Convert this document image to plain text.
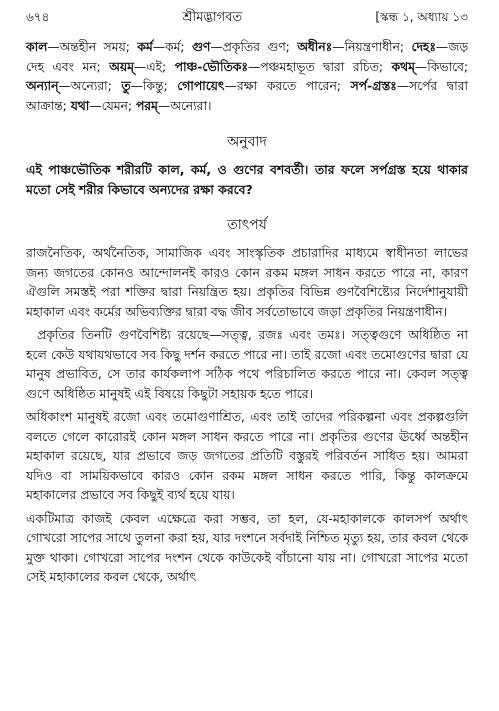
৬৭৪	শ্রীমদ্ভাগবত	[স্কন্ধ ১, অধ্যায় ১৩
কাল—অন্তহীন সময়; কর্ম—কর্ম; গুণ—প্রকৃতির গুণ; অধীনঃ—নিয়ন্ত্রণাধীন; দেহঃ—জড় দেহ এবং মন; অয়ম্—এই; পাঞ্চ-ভৌতিকঃ—পঞ্চমহাভূত দ্বারা রচিত; কথম্—কিভাবে; অন্যান্—অন্যেরা; তু—কিন্তু; গোপায়েৎ—রক্ষা করতে পারেন; সর্প-গ্রস্তঃ—সর্পের দ্বারা আক্রান্ত; যথা—যেমন; পরম্—অন্যেরা।
অনুবাদ
এই পাঞ্চভৌতিক শরীরটি কাল, কর্ম, ও গুণের বশবর্তী। তার ফলে সর্পগ্রস্ত হয়ে থাকার মতো সেই শরীর কিভাবে অন্যদের রক্ষা করবে?
তাৎপর্য

রাজনৈতিক, অর্থনৈতিক, সামাজিক এবং সাংস্কৃতিক প্রচারাদির মাধ্যমে স্বাধীনতা লাভের জন্য জগতের কোনও আন্দোলনই কারও কোন রকম মঙ্গল সাধন করতে পারে না, কারণ ঐগুলি সমস্তই পরা শক্তির দ্বারা নিয়ন্ত্রিত হয়। প্রকৃতির বিভিন্ন গুণবৈশিষ্ট্যের নির্দেশানুযায়ী মহাকাল এবং কর্মের অভিব্যক্তির দ্বারা বদ্ধ জীব সর্বতোভাবে জড়া প্রকৃতির নিয়ন্ত্রণাধীন।

প্রকৃতির তিনটি গুণবৈশিষ্ট্য রয়েছে—সত্ত্ব, রজঃ এবং তমঃ। সত্ত্বগুণে অধিষ্ঠিত না হলে কেউ যথাযথভাবে সব কিছু দর্শন করতে পারে না। তাই রজো এবং তমোগুণের দ্বারা যে মানুষ প্রভাবিত, সে তার কার্যকলাপ সঠিক পথে পরিচালিত করতে পারে না। কেবল সত্ত্ব গুণে অধিষ্ঠিত মানুষই এই বিষয়ে কিছুটা সহায়ক হতে পারে।

অধিকাংশ মানুষই রজো এবং তমোগুণাশ্রিত, এবং তাই তাদের পরিকল্পনা এবং প্রকল্পগুলি বলতে গেলে কারোরই কোন মঙ্গল সাধন করতে পারে না। প্রকৃতির গুণের ঊর্ধ্বে অন্তহীন মহাকাল রয়েছে, যার প্রভাবে জড় জগতের প্রতিটি বস্তুরই পরিবর্তন সাধিত হয়। আমরা যদিও বা সাময়িকভাবে কারও কোন রকম মঙ্গল সাধন করতে পারি, কিন্তু কালক্রমে মহাকালের প্রভাবে সব কিছুই ব্যর্থ হয়ে যায়।

একটিমাত্র কাজই কেবল এক্ষেত্রে করা সম্ভব, তা হল, যে-মহাকালকে কালসর্প অর্থাৎ গোখরো সাপের সাথে তুলনা করা হয়, যার দংশনে সর্বদাই নিশ্চিত মৃত্যু হয়, তার কবল থেকে মুক্ত থাকা। গোখরো সাপের দংশন থেকে কাউকেই বাঁচানো যায় না। গোখরো সাপের মতো সেই মহাকালের কবল থেকে, অর্থাৎ
